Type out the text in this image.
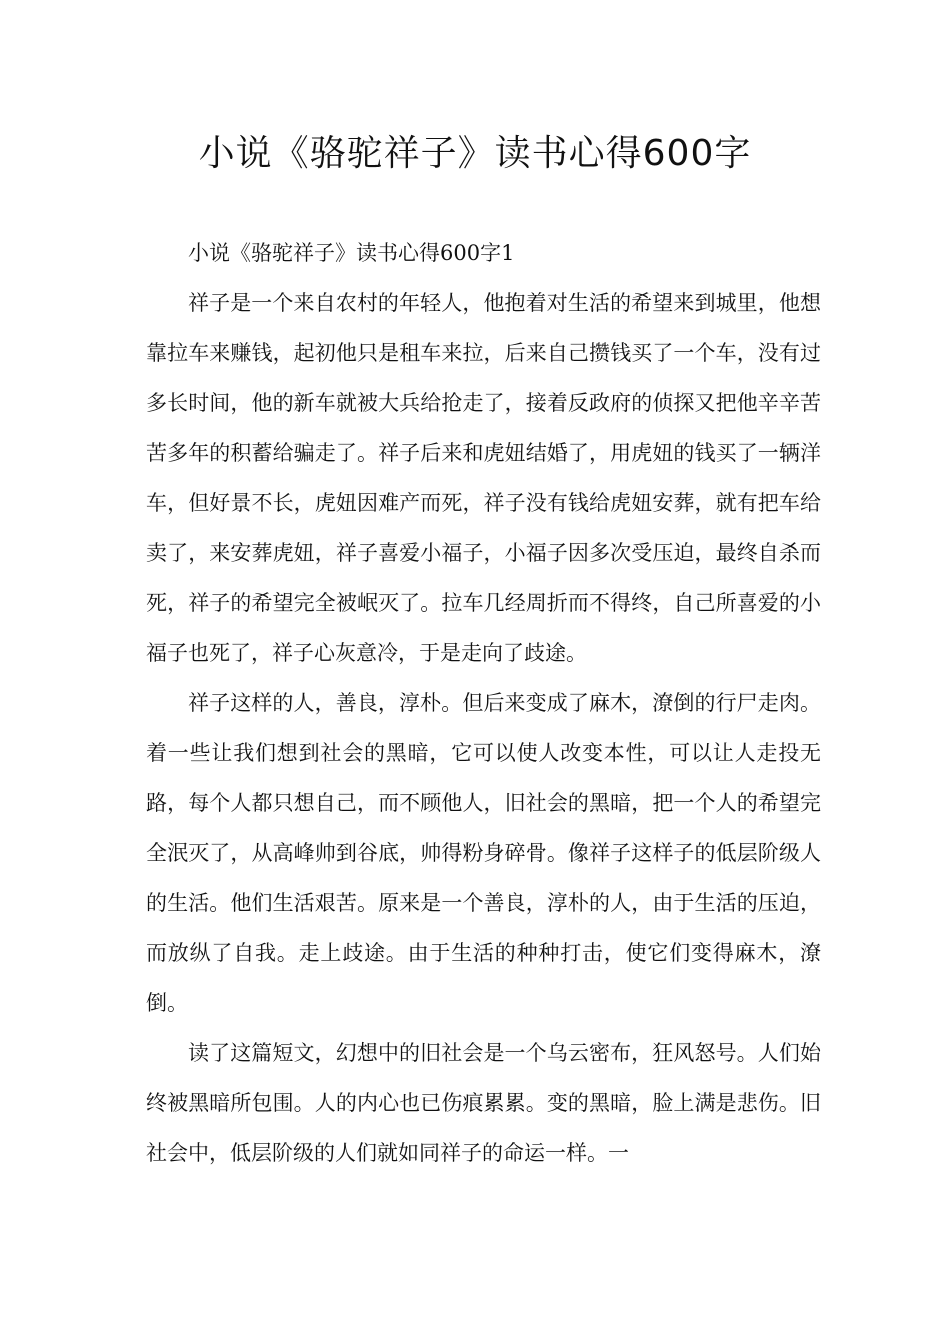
小说《骆驼祥子》读书心得600字

小说《骆驼祥子》读书心得600字1

祥子是一个来自农村的年轻人，他抱着对生活的希望来到城里，他想靠拉车来赚钱，起初他只是租车来拉，后来自己攒钱买了一个车，没有过多长时间，他的新车就被大兵给抢走了，接着反政府的侦探又把他辛辛苦苦多年的积蓄给骗走了。祥子后来和虎妞结婚了，用虎妞的钱买了一辆洋车，但好景不长，虎妞因难产而死，祥子没有钱给虎妞安葬，就有把车给卖了，来安葬虎妞，祥子喜爱小福子，小福子因多次受压迫，最终自杀而死，祥子的希望完全被岷灭了。拉车几经周折而不得终，自己所喜爱的小福子也死了，祥子心灰意冷，于是走向了歧途。

祥子这样的人，善良，淳朴。但后来变成了麻木，潦倒的行尸走肉。着一些让我们想到社会的黑暗，它可以使人改变本性，可以让人走投无路，每个人都只想自己，而不顾他人，旧社会的黑暗，把一个人的希望完全泯灭了，从高峰帅到谷底，帅得粉身碎骨。像祥子这样子的低层阶级人的生活。他们生活艰苦。原来是一个善良，淳朴的人，由于生活的压迫，而放纵了自我。走上歧途。由于生活的种种打击，使它们变得麻木，潦倒。

读了这篇短文，幻想中的旧社会是一个乌云密布，狂风怒号。人们始终被黑暗所包围。人的内心也已伤痕累累。变的黑暗，脸上满是悲伤。旧社会中，低层阶级的人们就如同祥子的命运一样。一
